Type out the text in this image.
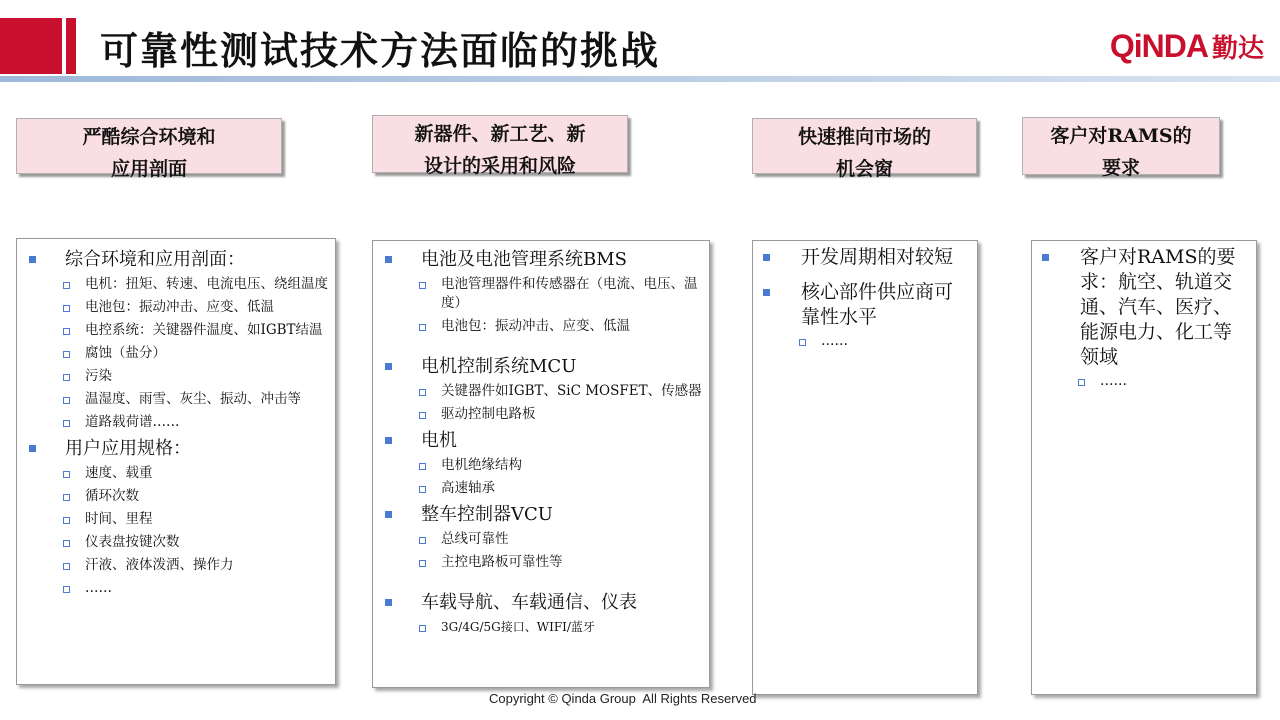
可靠性测试技术方法面临的挑战	QiNDA 勤达
严酷综合环境和
应用剖面
新器件、新工艺、新
设计的采用和风险
快速推向市场的
机会窗
客户对RAMS的
要求
综合环境和应用剖面：
电机：扭矩、转速、电流电压、绕组温度
电池包：振动冲击、应变、低温
电控系统：关键器件温度、如IGBT结温
腐蚀（盐分）
污染
温湿度、雨雪、灰尘、振动、冲击等
道路载荷谱……
用户应用规格：
速度、载重
循环次数
时间、里程
仪表盘按键次数
汗液、液体泼洒、操作力
……
电池及电池管理系统BMS
电池管理器件和传感器在（电流、电压、温度）
电池包：振动冲击、应变、低温
电机控制系统MCU
关键器件如IGBT、SiC MOSFET、传感器
驱动控制电路板
电机
电机绝缘结构
高速轴承
整车控制器VCU
总线可靠性
主控电路板可靠性等
车载导航、车载通信、仪表
3G/4G/5G接口、WIFI/蓝牙
开发周期相对较短
核心部件供应商可靠性水平
……
客户对RAMS的要求：航空、轨道交通、汽车、医疗、能源电力、化工等领域
……
Copyright © Qinda Group  All Rights Reserved
